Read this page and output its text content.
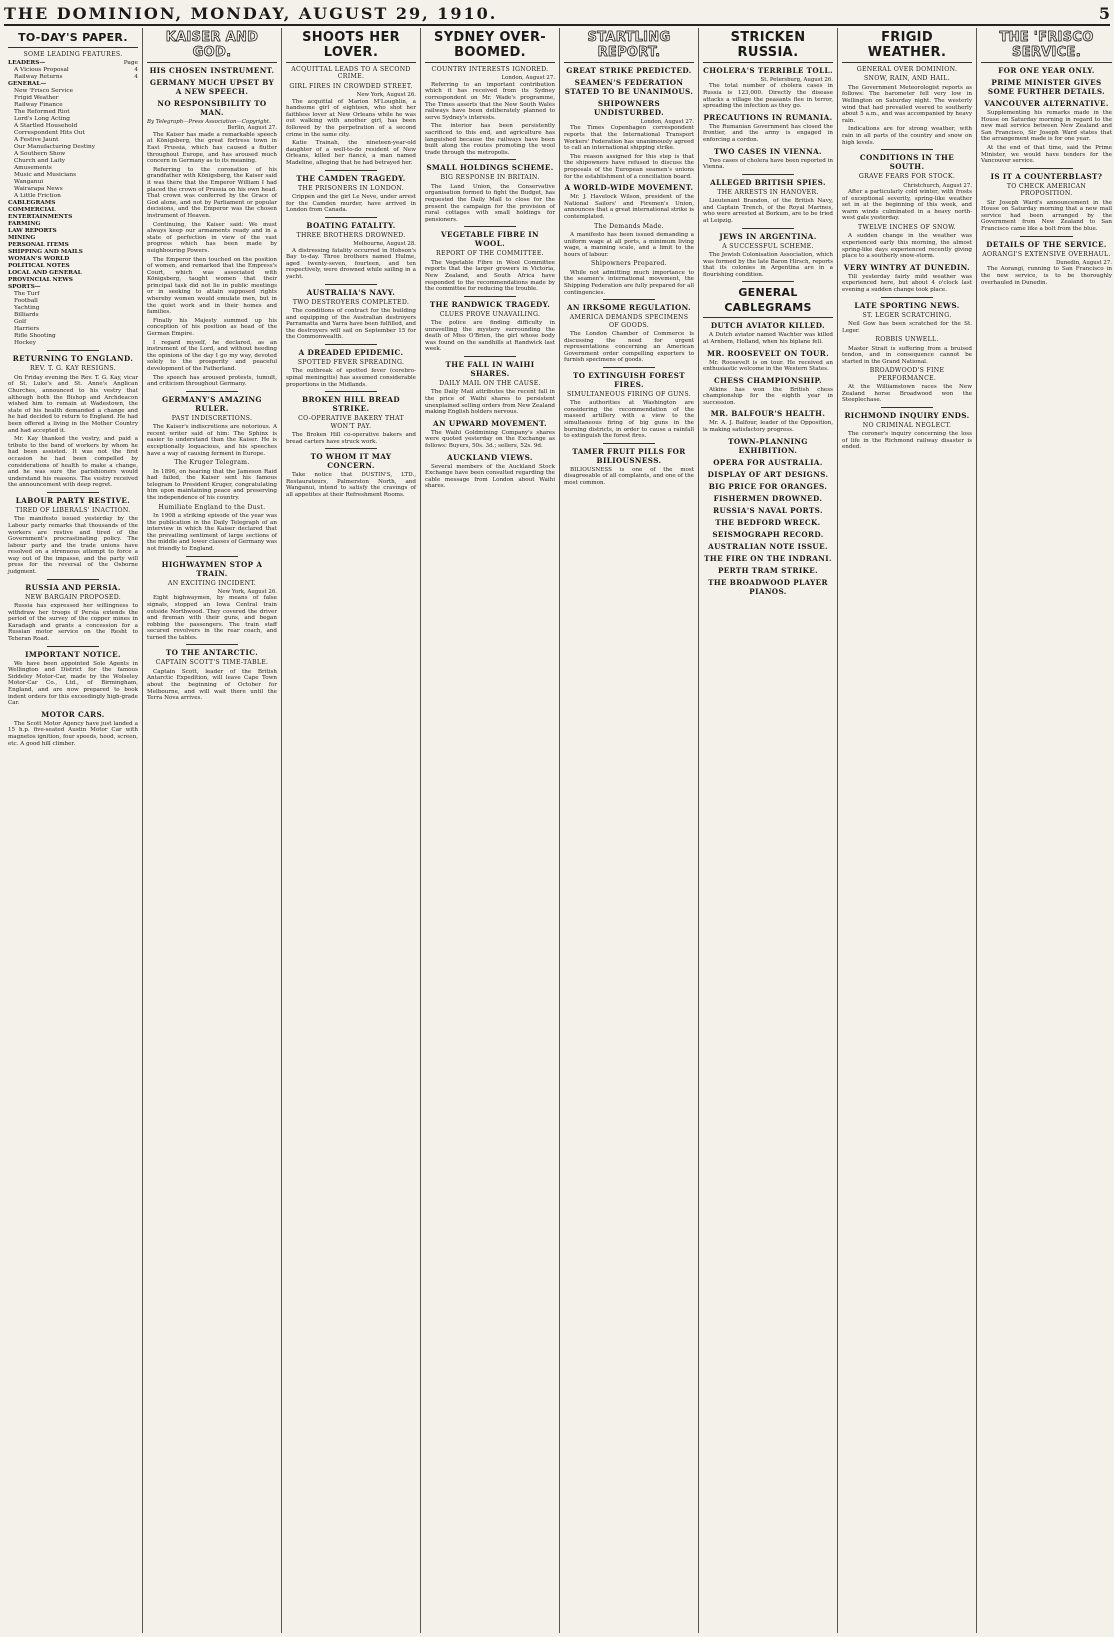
THE DOMINION, MONDAY, AUGUST 29, 1910.	5
TO-DAY'S PAPER.
SOME LEADING FEATURES.
LEADERS—	Page
A Vicious Proposal	4
Railway Returns	4
GENERAL—
New 'Frisco Service
Frigid Weather
Railway Finance
The Reformed Riot
Lord's Long Acting
A Startled Household
Correspondent Hits Out
A Festive Jaunt
Our Manufacturing Destiny
A Southern Show
Church and Laity
Amusements
Music and Musicians
Wanganui
Wairarapa News
A Little Friction
CABLEGRAMS
COMMERCIAL
ENTERTAINMENTS
FARMING
LAW REPORTS
MINING
PERSONAL ITEMS
SHIPPING AND MAILS
WOMAN'S WORLD
POLITICAL NOTES
LOCAL AND GENERAL
PROVINCIAL NEWS
SPORTS—
The Turf
Football
Yachting
Billiards
Golf
Harriers
Rifle Shooting
Hockey
RETURNING TO ENGLAND.
REV. T. G. KAY RESIGNS.

On Friday evening the Rev. T. G. Kay, vicar of St. Luke's and St. Anne's Anglican Churches, announced to his vestry that although both the Bishop and Archdeacon wished him to remain at Wadestown, the state of his health demanded a change and he had decided to return to England. He had been offered a living in the Mother Country and had accepted it.

Mr. Kay thanked the vestry, and paid a tribute to the band of workers by whom he had been assisted. It was not the first occasion he had been compelled by considerations of health to make a change, and he was sure the parishioners would understand his reasons. The vestry received the announcement with deep regret.

LABOUR PARTY RESTIVE.
TIRED OF LIBERALS' INACTION.

The manifesto issued yesterday by the Labour party remarks that thousands of the workers are restive and tired of the Government's procrastinating policy. The labour party and the trade unions have resolved on a strenuous attempt to force a way out of the impasse, and the party will press for the reversal of the Osborne judgment.

RUSSIA AND PERSIA.
NEW BARGAIN PROPOSED.

Russia has expressed her willingness to withdraw her troops if Persia extends the period of the survey of the copper mines in Karadagh and grants a concession for a Russian motor service on the Resht to Teheran Road.

IMPORTANT NOTICE.

We have been appointed Sole Agents in Wellington and District for the famous Siddeley Motor-Car, made by the Wolseley Motor-Car Co., Ltd., of Birmingham, England, and are now prepared to book indent orders for this exceedingly high-grade Car.

MOTOR CARS.

The Scott Motor Agency have just landed a 15 h.p. five-seated Austin Motor Car with magnetos ignition, four speeds, hood, screen, etc. A good hill climber.

KAISER AND GOD.
HIS CHOSEN INSTRUMENT.
GERMANY MUCH UPSET BY A NEW SPEECH.
NO RESPONSIBILITY TO MAN.
By Telegraph—Press Association—Copyright.
Berlin, August 27.

The Kaiser has made a remarkable speech at Königsberg, the great fortress town in East Prussia, which has caused a flutter throughout Europe, and has aroused much concern in Germany as to its meaning.

Referring to the coronation of his grandfather with Königsberg, the Kaiser said it was there that the Emperor William I had placed the crown of Prussia on his own head. That crown was conferred by the Grace of God alone, and not by Parliament or popular decisions, and the Emperor was the chosen instrument of Heaven.

Continuing, the Kaiser said: We must always keep our armaments ready and in a state of perfection in view of the vast progress which has been made by neighbouring Powers.

The Emperor then touched on the position of women, and remarked that the Empress's Court, which was associated with Königsberg, taught women that their principal task did not lie in public meetings or in seeking to attain supposed rights whereby women would emulate men, but in the quiet work and in their homes and families.

Finally his Majesty summed up his conception of his position as head of the German Empire.

I regard myself, he declared, as an instrument of the Lord, and without heeding the opinions of the day I go my way, devoted solely to the prosperity and peaceful development of the Fatherland.

The speech has aroused protests, tumult, and criticism throughout Germany.

GERMANY'S AMAZING RULER.
PAST INDISCRETIONS.

The Kaiser's indiscretions are notorious. A recent writer said of him: The Sphinx is easier to understand than the Kaiser. He is exceptionally loquacious, and his speeches have a way of causing ferment in Europe.

The Kruger Telegram.

In 1896, on hearing that the Jameson Raid had failed, the Kaiser sent his famous telegram to President Kruger, congratulating him upon maintaining peace and preserving the independence of his country.

Humiliate England to the Dust.

In 1908 a striking episode of the year was the publication in the Daily Telegraph of an interview in which the Kaiser declared that the prevailing sentiment of large sections of the middle and lower classes of Germany was not friendly to England.

HIGHWAYMEN STOP A TRAIN.
AN EXCITING INCIDENT.
New York, August 26.

Eight highwaymen, by means of false signals, stopped an Iowa Central train outside Northwood. They covered the driver and fireman with their guns, and began robbing the passengers. The train staff secured revolvers in the rear coach, and turned the tables.

TO THE ANTARCTIC.
CAPTAIN SCOTT'S TIME-TABLE.

Captain Scott, leader of the British Antarctic Expedition, will leave Cape Town about the beginning of October for Melbourne, and will wait there until the Terra Nova arrives.

SHOOTS HER LOVER.
ACQUITTAL LEADS TO A SECOND CRIME.
GIRL FIRES IN CROWDED STREET.
New York, August 26.

The acquittal of Marion M'Loughlin, a handsome girl of eighteen, who shot her faithless lover at New Orleans while he was out walking with another girl, has been followed by the perpetration of a second crime in the same city.

Katie Trainah, the nineteen-year-old daughter of a well-to-do resident of New Orleans, killed her fiancé, a man named Madeline, alleging that he had betrayed her.

THE CAMDEN TRAGEDY.
THE PRISONERS IN LONDON.

Crippen and the girl Le Neve, under arrest for the Camden murder, have arrived in London from Canada.

BOATING FATALITY.
THREE BROTHERS DROWNED.
Melbourne, August 28.

A distressing fatality occurred in Hobson's Bay to-day. Three brothers named Hulme, aged twenty-seven, fourteen, and ten respectively, were drowned while sailing in a yacht.

AUSTRALIA'S NAVY.
TWO DESTROYERS COMPLETED.

The conditions of contract for the building and equipping of the Australian destroyers Parramatta and Yarra have been fulfilled, and the destroyers will sail on September 15 for the Commonwealth.

A DREADED EPIDEMIC.
SPOTTED FEVER SPREADING.

The outbreak of spotted fever (cerebro-spinal meningitis) has assumed considerable proportions in the Midlands.

BROKEN HILL BREAD STRIKE.
CO-OPERATIVE BAKERY THAT WON'T PAY.

The Broken Hill co-operative bakers and bread carters have struck work.

TO WHOM IT MAY CONCERN.

Take notice that DUSTIN'S, LTD., Restaurateurs, Palmerston North, and Wanganui, intend to satisfy the cravings of all appetites at their Refreshment Rooms.

SYDNEY OVER-BOOMED.
COUNTRY INTERESTS IGNORED.
London, August 27.

Referring to an important contribution which it has received from its Sydney correspondent on Mr. Wade's programme, The Times asserts that the New South Wales railways have been deliberately planned to serve Sydney's interests.

The interior has been persistently sacrificed to this end, and agriculture has languished because the railways have been built along the routes promoting the wool trade through the metropolis.

SMALL HOLDINGS SCHEME.
BIG RESPONSE IN BRITAIN.

The Land Union, the Conservative organisation formed to fight the Budget, has requested the Daily Mail to close for the present the campaign for the provision of rural cottages with small holdings for pensioners.

VEGETABLE FIBRE IN WOOL.
REPORT OF THE COMMITTEE.

The Vegetable Fibre in Wool Committee reports that the larger growers in Victoria, New Zealand, and South Africa have responded to the recommendations made by the committee for reducing the trouble.

THE RANDWICK TRAGEDY.
CLUES PROVE UNAVAILING.

The police are finding difficulty in unravelling the mystery surrounding the death of Miss O'Brien, the girl whose body was found on the sandhills at Randwick last week.

THE FALL IN WAIHI SHARES.
DAILY MAIL ON THE CAUSE.

The Daily Mail attributes the recent fall in the price of Waihi shares to persistent unexplained selling orders from New Zealand making English holders nervous.

AN UPWARD MOVEMENT.

The Waihi Goldmining Company's shares were quoted yesterday on the Exchange as follows: Buyers, 50s. 3d.; sellers, 52s. 9d.

AUCKLAND VIEWS.

Several members of the Auckland Stock Exchange have been consulted regarding the cable message from London about Waihi shares.

STARTLING REPORT.
GREAT STRIKE PREDICTED.
SEAMEN'S FEDERATION STATED TO BE UNANIMOUS.
SHIPOWNERS UNDISTURBED.
London, August 27.

The Times Copenhagen correspondent reports that the International Transport Workers' Federation has unanimously agreed to call an international shipping strike.

The reason assigned for this step is that the shipowners have refused to discuss the proposals of the European seamen's unions for the establishment of a conciliation board.

A WORLD-WIDE MOVEMENT.

Mr. J. Havelock Wilson, president of the National Sailors' and Firemen's Union, announces that a great international strike is contemplated.

The Demands Made.

A manifesto has been issued demanding a uniform wage at all ports, a minimum living wage, a manning scale, and a limit to the hours of labour.

Shipowners Prepared.

While not admitting much importance to the seamen's international movement, the Shipping Federation are fully prepared for all contingencies.

AN IRKSOME REGULATION.
AMERICA DEMANDS SPECIMENS OF GOODS.

The London Chamber of Commerce is discussing the need for urgent representations concerning an American Government order compelling exporters to furnish specimens of goods.

TO EXTINGUISH FOREST FIRES.
SIMULTANEOUS FIRING OF GUNS.

The authorities at Washington are considering the recommendation of the massed artillery with a view to the simultaneous firing of big guns in the burning districts, in order to cause a rainfall to extinguish the forest fires.

TAMER FRUIT PILLS FOR BILIOUSNESS.

BILIOUSNESS is one of the most disagreeable of all complaints, and one of the most common.

STRICKEN RUSSIA.
CHOLERA'S TERRIBLE TOLL.
St. Petersburg, August 26.

The total number of cholera cases in Russia is 123,000. Directly the disease attacks a village the peasants flee in terror, spreading the infection as they go.

PRECAUTIONS IN RUMANIA.

The Rumanian Government has closed the frontier, and the army is engaged in enforcing a cordon.

TWO CASES IN VIENNA.

Two cases of cholera have been reported in Vienna.

ALLEGED BRITISH SPIES.
THE ARRESTS IN HANOVER.

Lieutenant Brandon, of the British Navy, and Captain Trench, of the Royal Marines, who were arrested at Borkum, are to be tried at Leipzig.

JEWS IN ARGENTINA.
A SUCCESSFUL SCHEME.

The Jewish Colonisation Association, which was formed by the late Baron Hirsch, reports that its colonies in Argentina are in a flourishing condition.

GENERAL CABLEGRAMS
DUTCH AVIATOR KILLED.

A Dutch aviator named Wachter was killed at Arnhem, Holland, when his biplane fell.

MR. ROOSEVELT ON TOUR.

Mr. Roosevelt is on tour. He received an enthusiastic welcome in the Western States.

CHESS CHAMPIONSHIP.

Atkins has won the British chess championship for the eighth year in succession.

MR. BALFOUR'S HEALTH.

Mr. A. J. Balfour, leader of the Opposition, is making satisfactory progress.

TOWN-PLANNING EXHIBITION.
OPERA FOR AUSTRALIA.
DISPLAY OF ART DESIGNS.
BIG PRICE FOR ORANGES.
FISHERMEN DROWNED.
RUSSIA'S NAVAL PORTS.
THE BEDFORD WRECK.
SEISMOGRAPH RECORD.
AUSTRALIAN NOTE ISSUE.
THE FIRE ON THE INDRANI.
PERTH TRAM STRIKE.
THE BROADWOOD PLAYER PIANOS.
FRIGID WEATHER.
GENERAL OVER DOMINION.
SNOW, RAIN, AND HAIL.

The Government Meteorologist reports as follows: The barometer fell very low in Wellington on Saturday night. The westerly wind that had prevailed veered to southerly about 5 a.m., and was accompanied by heavy rain.

Indications are for strong weather, with rain in all parts of the country and snow on high levels.

CONDITIONS IN THE SOUTH.
GRAVE FEARS FOR STOCK.
Christchurch, August 27.

After a particularly cold winter, with frosts of exceptional severity, spring-like weather set in at the beginning of this week, and warm winds culminated in a heavy north-west gale yesterday.

TWELVE INCHES OF SNOW.

A sudden change in the weather was experienced early this morning, the almost spring-like days experienced recently giving place to a southerly snow-storm.

VERY WINTRY AT DUNEDIN.

Till yesterday fairly mild weather was experienced here, but about 4 o'clock last evening a sudden change took place.

LATE SPORTING NEWS.
ST. LEGER SCRATCHING.

Neil Gow has been scratched for the St. Leger.

ROBBIS UNWELL.

Master Strait is suffering from a bruised tendon, and in consequence cannot be started in the Grand National.

BROADWOOD'S FINE PERFORMANCE.

At the Williamstown races the New Zealand horse Broadwood won the Steeplechase.

RICHMOND INQUIRY ENDS.
NO CRIMINAL NEGLECT.

The coroner's inquiry concerning the loss of life in the Richmond railway disaster is ended.

THE 'FRISCO SERVICE.
FOR ONE YEAR ONLY.
PRIME MINISTER GIVES SOME FURTHER DETAILS.
VANCOUVER ALTERNATIVE.

Supplementing his remarks made in the House on Saturday morning in regard to the new mail service between New Zealand and San Francisco, Sir Joseph Ward states that the arrangement made is for one year.

At the end of that time, said the Prime Minister, we would have tenders for the Vancouver service.

IS IT A COUNTERBLAST?
TO CHECK AMERICAN PROPOSITION.

Sir Joseph Ward's announcement in the House on Saturday morning that a new mail service had been arranged by the Government from New Zealand to San Francisco came like a bolt from the blue.

DETAILS OF THE SERVICE.
AORANGI'S EXTENSIVE OVERHAUL.
Dunedin, August 27.

The Aorangi, running to San Francisco in the new service, is to be thoroughly overhauled in Dunedin.
